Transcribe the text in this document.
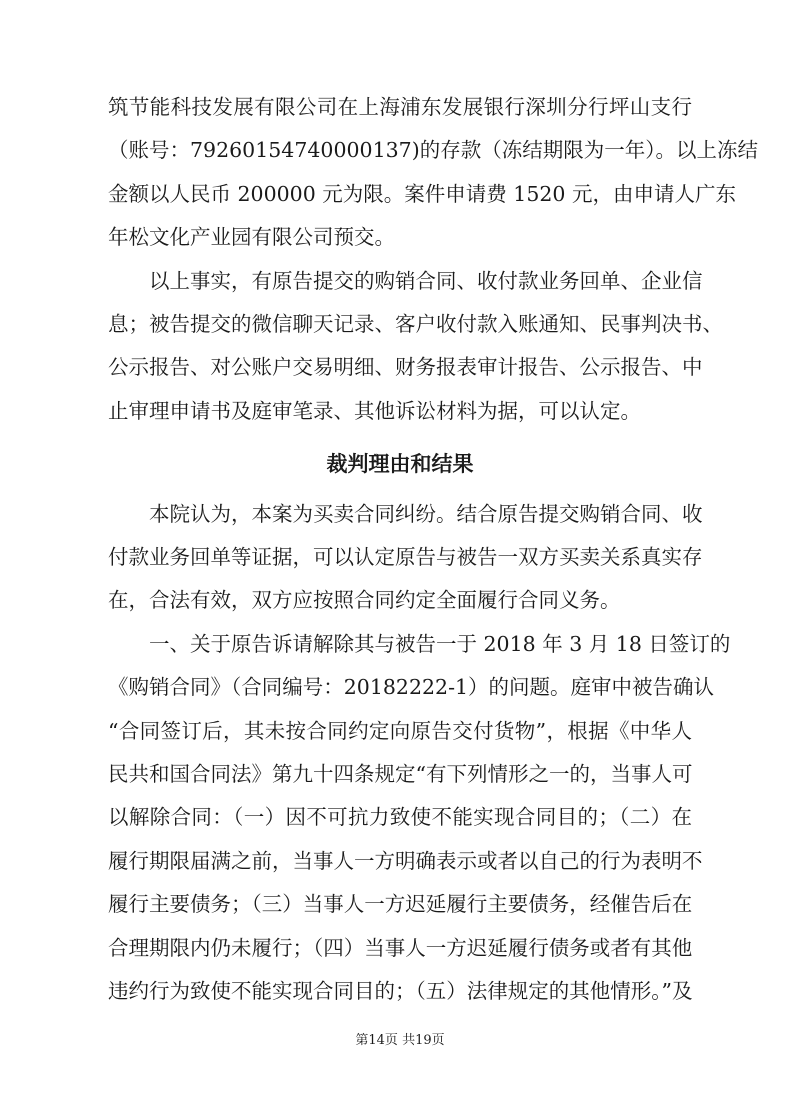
筑节能科技发展有限公司在上海浦东发展银行深圳分行坪山支行
（账号：79260154740000137)的存款（冻结期限为一年）。以上冻结
金额以人民币 200000 元为限。案件申请费 1520 元，由申请人广东
年松文化产业园有限公司预交。
以上事实，有原告提交的购销合同、收付款业务回单、企业信
息；被告提交的微信聊天记录、客户收付款入账通知、民事判决书、
公示报告、对公账户交易明细、财务报表审计报告、公示报告、中
止审理申请书及庭审笔录、其他诉讼材料为据，可以认定。
裁判理由和结果
本院认为，本案为买卖合同纠纷。结合原告提交购销合同、收
付款业务回单等证据，可以认定原告与被告一双方买卖关系真实存
在，合法有效，双方应按照合同约定全面履行合同义务。
一、关于原告诉请解除其与被告一于 2018 年 3 月 18 日签订的
《购销合同》（合同编号：20182222-1）的问题。庭审中被告确认
“合同签订后，其未按合同约定向原告交付货物”，根据《中华人
民共和国合同法》第九十四条规定“有下列情形之一的，当事人可
以解除合同：（一）因不可抗力致使不能实现合同目的；（二）在
履行期限届满之前，当事人一方明确表示或者以自己的行为表明不
履行主要债务；（三）当事人一方迟延履行主要债务，经催告后在
合理期限内仍未履行；（四）当事人一方迟延履行债务或者有其他
违约行为致使不能实现合同目的；（五）法律规定的其他情形。”及
第14页 共19页
